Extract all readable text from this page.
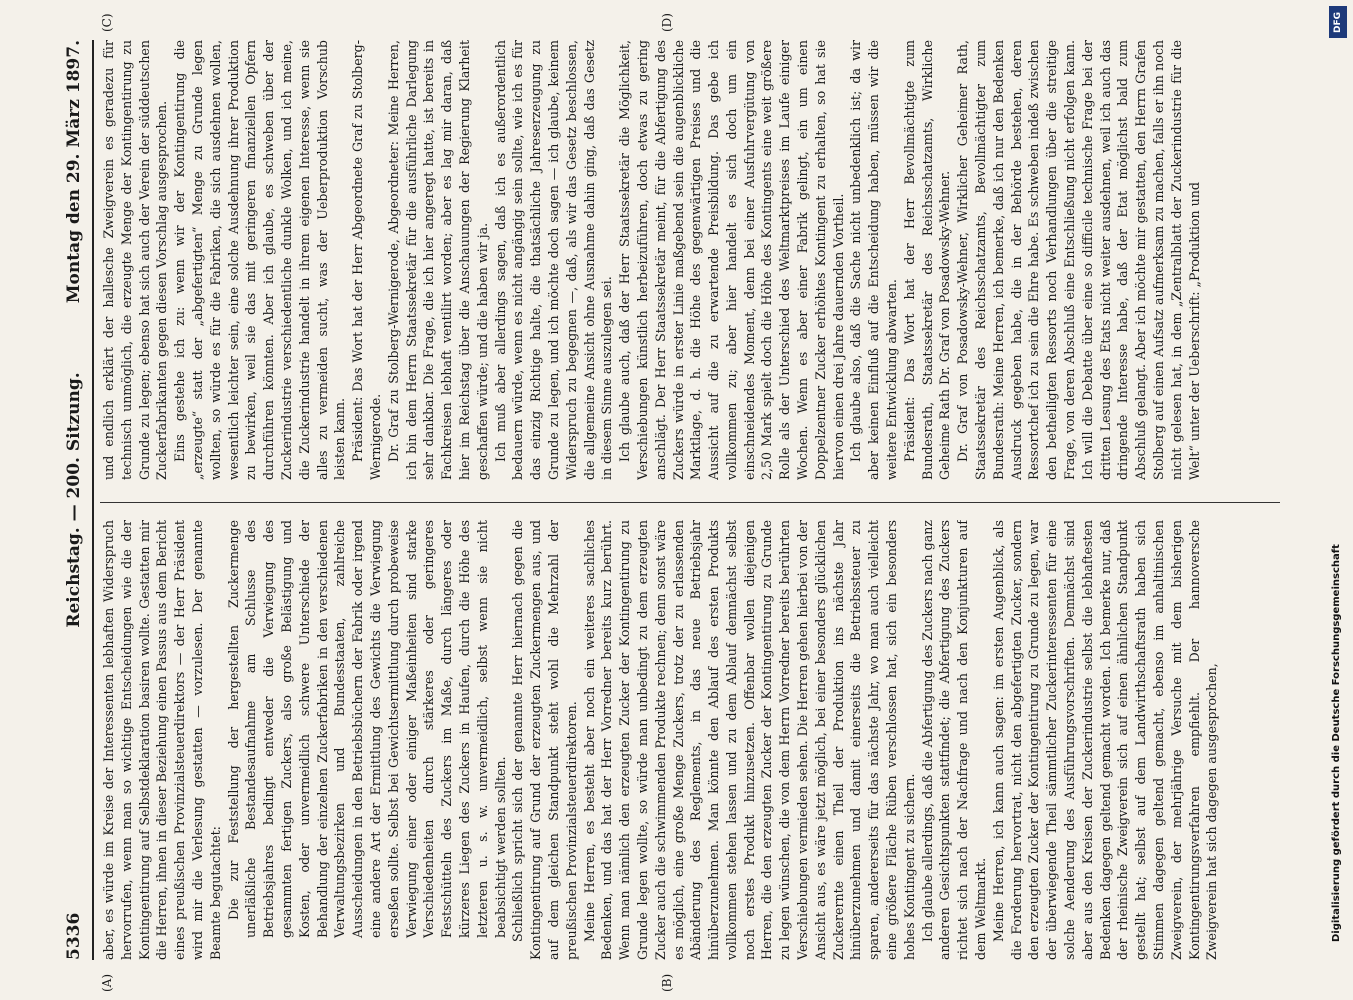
5336
Reichstag. — 200. Sitzung.
Montag den 29. März 1897.

aber, es würde im Kreise der Interessenten lebhaften Widerspruch hervorrufen, wenn man so wichtige Entscheidungen wie die der Kontingentirung auf Selbstdeklaration basiren wollte. Gestatten mir die Herren, ihnen in dieser Beziehung einen Passus aus dem Bericht eines preußischen Provinzialsteuerdirektors — der Herr Präsident wird mir die Verlesung gestatten — vorzulesen. Der genannte Beamte begutachtet: Die zur Feststellung der hergestellten Zuckermenge unerläßliche Bestandesaufnahme am Schlusse des Betriebsjahres bedingt entweder die Verwiegung des gesammten fertigen Zuckers, also große Belästigung und Kosten, oder unvermeidlich schwere Unterschiede der Behandlung der einzelnen Zuckerfabriken in den verschiedenen Verwaltungsbezirken und Bundesstaaten, zahlreiche Ausscheidungen in den Betriebsbüchern der Fabrik oder irgend eine andere Art der Ermittlung des Gewichts die Verwiegung erseßen sollte. Selbst bei Gewichtsermittlung durch probeweise Verwiegung einer oder einiger Maßeinheiten sind starke Verschiedenheiten durch stärkeres oder geringeres Festschütteln des Zuckers im Maße, durch längeres oder kürzeres Liegen des Zuckers in Haufen, durch die Höhe des letzteren u. s. w. unvermeidlich, selbst wenn sie nicht beabsichtigt werden sollten. Schließlich spricht sich der genannte Herr hiernach gegen die Kontingentirung auf Grund der erzeugten Zuckermengen aus, und auf dem gleichen Standpunkt steht wohl die Mehrzahl der preußischen Provinzialsteuerdirektoren. Meine Herren, es besteht aber noch ein weiteres sachliches Bedenken, und das hat der Herr Vorredner bereits kurz berührt. Wenn man nämlich den erzeugten Zucker der Kontingentirung zu Grunde legen wollte, so würde man unbedingt zu dem erzeugten Zucker auch die schwimmenden Produkte rechnen; denn sonst wäre es möglich, eine große Menge Zuckers, trotz der zu erlassenden Abänderung des Reglements, in das neue Betriebsjahr hinüberzunehmen. Man könnte den Ablauf des ersten Produkts vollkommen stehen lassen und zu dem Ablauf demnächst selbst noch erstes Produkt hinzusetzen. Offenbar wollen diejenigen Herren, die den erzeugten Zucker der Kontingentirung zu Grunde zu legen wünschen, die von dem Herrn Vorredner bereits berührten Verschiebungen vermieden sehen. Die Herren gehen hierbei von der Ansicht aus, es wäre jetzt möglich, bei einer besonders glücklichen Zuckerernte einen Theil der Produktion ins nächste Jahr hinüberzunehmen und damit einerseits die Betriebssteuer zu sparen, andererseits für das nächste Jahr, wo man auch vielleicht eine größere Fläche Rüben verschlossen hat, sich ein besonders hohes Kontingent zu sichern. Ich glaube allerdings, daß die Abfertigung des Zuckers nach ganz anderen Gesichtspunkten stattfindet; die Abfertigung des Zuckers richtet sich nach der Nachfrage und nach den Konjunkturen auf dem Weltmarkt. Meine Herren, ich kann auch sagen: im ersten Augenblick, als die Forderung hervortrat, nicht den abgefertigten Zucker, sondern den erzeugten Zucker der Kontingentirung zu Grunde zu legen, war der überwiegende Theil sämmtlicher Zuckerinteressenten für eine solche Aenderung des Ausführungsvorschriften. Demnächst sind aber aus den Kreisen der Zuckerindustrie selbst die lebhaftesten Bedenken dagegen geltend gemacht worden. Ich bemerke nur, daß der rheinische Zweigverein sich auf einen ähnlichen Standpunkt gestellt hat; selbst auf dem Landwirthschaftsrath haben sich Stimmen dagegen geltend gemacht, ebenso im anhaltinischen Zweigverein, der mehrjährige Versuche mit dem bisherigen Kontingentirungsverfahren empfiehlt. Der hannoversche Zweigverein hat sich dagegen ausgesprochen,

und endlich erklärt der hallesche Zweigverein es geradezu für technisch unmöglich, die erzeugte Menge der Kontingentirung zu Grunde zu legen; ebenso hat sich auch der Verein der süddeutschen Zuckerfabrikanten gegen diesen Vorschlag ausgesprochen. Eins gestehe ich zu: wenn wir der Kontingentirung die „erzeugte“ statt der „abgefertigten“ Menge zu Grunde legen wollten, so würde es für die Fabriken, die sich ausdehnen wollen, wesentlich leichter sein, eine solche Ausdehnung ihrer Produktion zu bewirken, weil sie das mit geringeren finanziellen Opfern durchführen könnten. Aber ich glaube, es schweben über der Zuckerindustrie verschiedentliche dunkle Wolken, und ich meine, die Zuckerindustrie handelt in ihrem eigenen Interesse, wenn sie alles zu vermeiden sucht, was der Ueberproduktion Vorschub leisten kann. Präsident: Das Wort hat der Herr Abgeordnete Graf zu Stolberg-Wernigerode. Dr. Graf zu Stolberg-Wernigerode, Abgeordneter: Meine Herren, ich bin dem Herrn Staatssekretär für die ausführliche Darlegung sehr dankbar. Die Frage, die ich hier angeregt hatte, ist bereits in Fachkreisen lebhaft ventilirt worden; aber es lag mir daran, daß hier im Reichstag über die Anschauungen der Regierung Klarheit geschaffen würde; und die haben wir ja. Ich muß aber allerdings sagen, daß ich es außerordentlich bedauern würde, wenn es nicht angängig sein sollte, wie ich es für das einzig Richtige halte, die thatsächliche Jahreserzeugung zu Grunde zu legen, und ich möchte doch sagen — ich glaube, keinem Widerspruch zu begegnen —, daß, als wir das Gesetz beschlossen, die allgemeine Ansicht ohne Ausnahme dahin ging, daß das Gesetz in diesem Sinne auszulegen sei. Ich glaube auch, daß der Herr Staatssekretär die Möglichkeit, Verschiebungen künstlich herbeizuführen, doch etwas zu gering anschlägt. Der Herr Staatssekretär meint, für die Abfertigung des Zuckers würde in erster Linie maßgebend sein die augenblickliche Marktlage, d. h. die Höhe des gegenwärtigen Preises und die Aussicht auf die zu erwartende Preisbildung. Das gebe ich vollkommen zu; aber hier handelt es sich doch um ein einschneidendes Moment, denn bei einer Ausfuhrvergütung von 2,50 Mark spielt doch die Höhe des Kontingents eine weit größere Rolle als der Unterschied des Weltmarktpreises im Laufe einiger Wochen. Wenn es aber einer Fabrik gelingt, ein um einen Doppelzentner Zucker erhöhtes Kontingent zu erhalten, so hat sie hiervon einen drei Jahre dauernden Vortheil. Ich glaube also, daß die Sache nicht unbedenklich ist; da wir aber keinen Einfluß auf die Entscheidung haben, müssen wir die weitere Entwicklung abwarten. Präsident: Das Wort hat der Herr Bevollmächtigte zum Bundesrath, Staatssekretär des Reichsschatzamts, Wirkliche Geheime Rath Dr. Graf von Posadowsky-Wehner. Dr. Graf von Posadowsky-Wehner, Wirklicher Geheimer Rath, Staatssekretär des Reichsschatzamts, Bevollmächtigter zum Bundesrath: Meine Herren, ich bemerke, daß ich nur den Bedenken Ausdruck gegeben habe, die in der Behörde bestehen, deren Ressortchef ich zu sein die Ehre habe. Es schweben indeß zwischen den betheiligten Ressorts noch Verhandlungen über die streitige Frage, von deren Abschluß eine Entschließung nicht erfolgen kann. Ich will die Debatte über eine so difficile technische Frage bei der dritten Lesung des Etats nicht weiter ausdehnen, weil ich auch das dringende Interesse habe, daß der Etat möglichst bald zum Abschluß gelangt. Aber ich möchte mir gestatten, den Herrn Grafen Stolberg auf einen Aufsatz aufmerksam zu machen, falls er ihn noch nicht gelesen hat, in dem „Zentralblatt der Zuckerindustrie für die Welt“ unter der Ueberschrift: „Produktion und

(A)	(B)
(C)	(D)	DFG
Digitalisierung gefördert durch die Deutsche Forschungsgemeinschaft
